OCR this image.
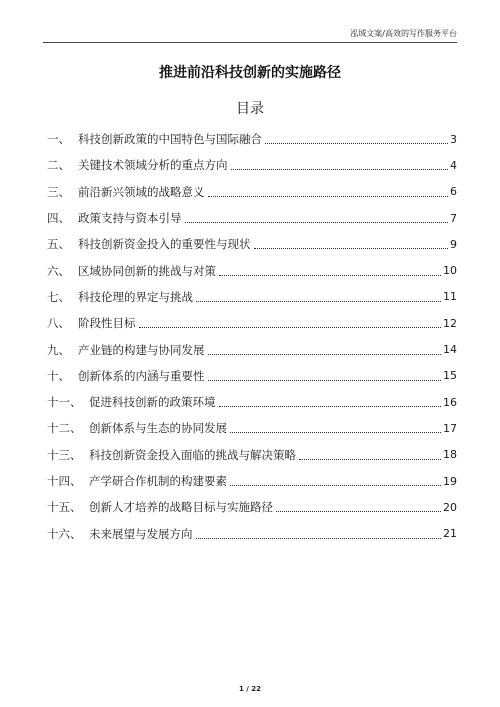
泓域文案/高效的写作服务平台
推进前沿科技创新的实施路径
目录
一、 科技创新政策的中国特色与国际融合	3
二、 关键技术领域分析的重点方向	4
三、 前沿新兴领域的战略意义	6
四、 政策支持与资本引导	7
五、 科技创新资金投入的重要性与现状	9
六、 区域协同创新的挑战与对策	10
七、 科技伦理的界定与挑战	11
八、 阶段性目标	12
九、 产业链的构建与协同发展	14
十、 创新体系的内涵与重要性	15
十一、 促进科技创新的政策环境	16
十二、 创新体系与生态的协同发展	17
十三、 科技创新资金投入面临的挑战与解决策略	18
十四、 产学研合作机制的构建要素	19
十五、 创新人才培养的战略目标与实施路径	20
十六、 未来展望与发展方向	21
1 / 22
